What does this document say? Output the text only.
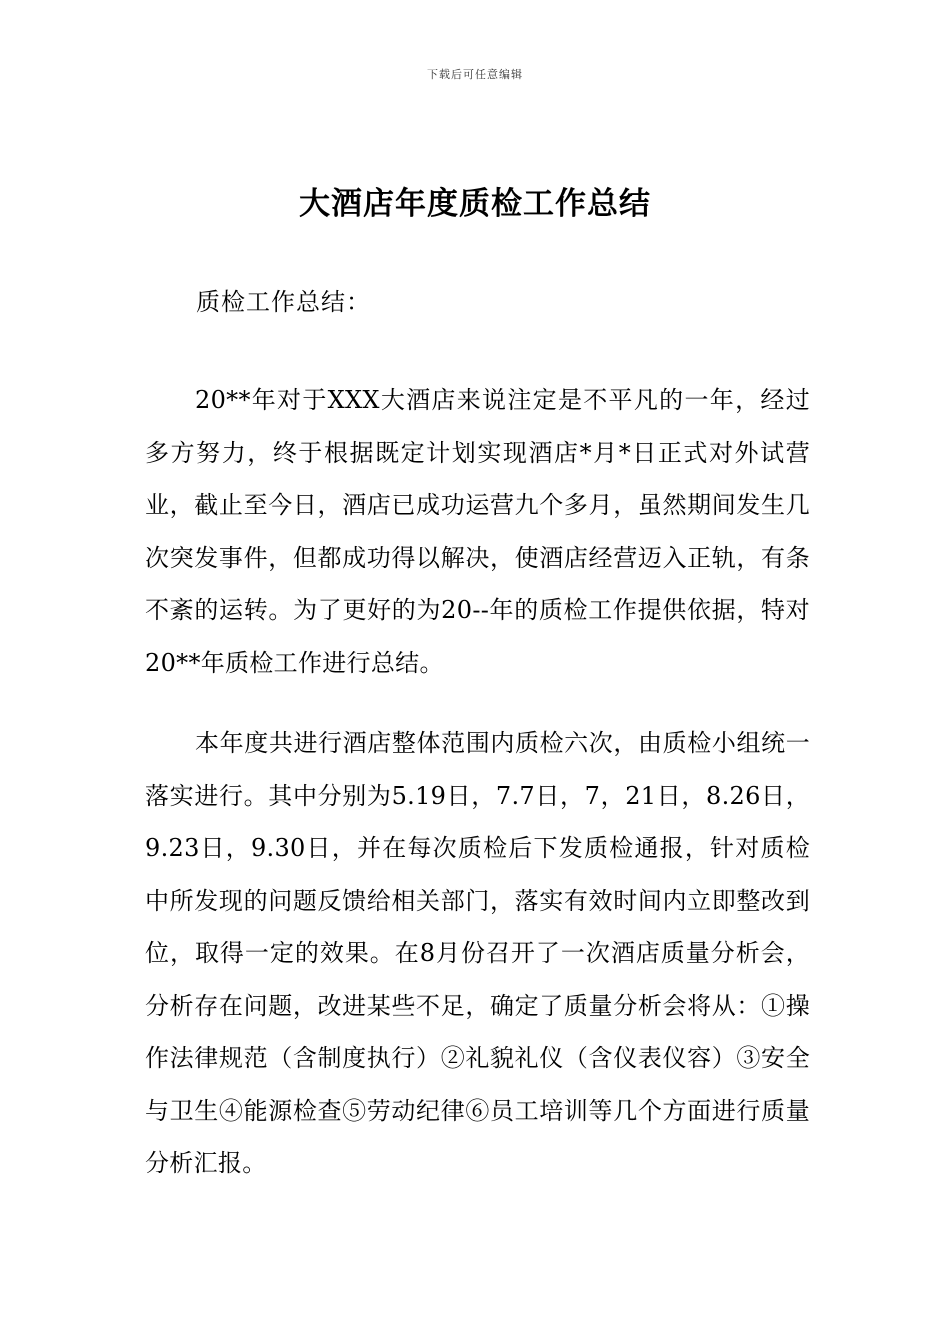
下载后可任意编辑
大酒店年度质检工作总结

质检工作总结：

20**年对于XXX大酒店来说注定是不平凡的一年，经过多方努力，终于根据既定计划实现酒店*月*日正式对外试营业，截止至今日，酒店已成功运营九个多月，虽然期间发生几次突发事件，但都成功得以解决，使酒店经营迈入正轨，有条不紊的运转。为了更好的为20--年的质检工作提供依据，特对20**年质检工作进行总结。

本年度共进行酒店整体范围内质检六次，由质检小组统一落实进行。其中分别为5.19日，7.7日，7，21日，8.26日，9.23日，9.30日，并在每次质检后下发质检通报，针对质检中所发现的问题反馈给相关部门，落实有效时间内立即整改到位，取得一定的效果。在8月份召开了一次酒店质量分析会，分析存在问题，改进某些不足，确定了质量分析会将从：①操作法律规范（含制度执行）②礼貌礼仪（含仪表仪容）③安全与卫生④能源检查⑤劳动纪律⑥员工培训等几个方面进行质量分析汇报。
